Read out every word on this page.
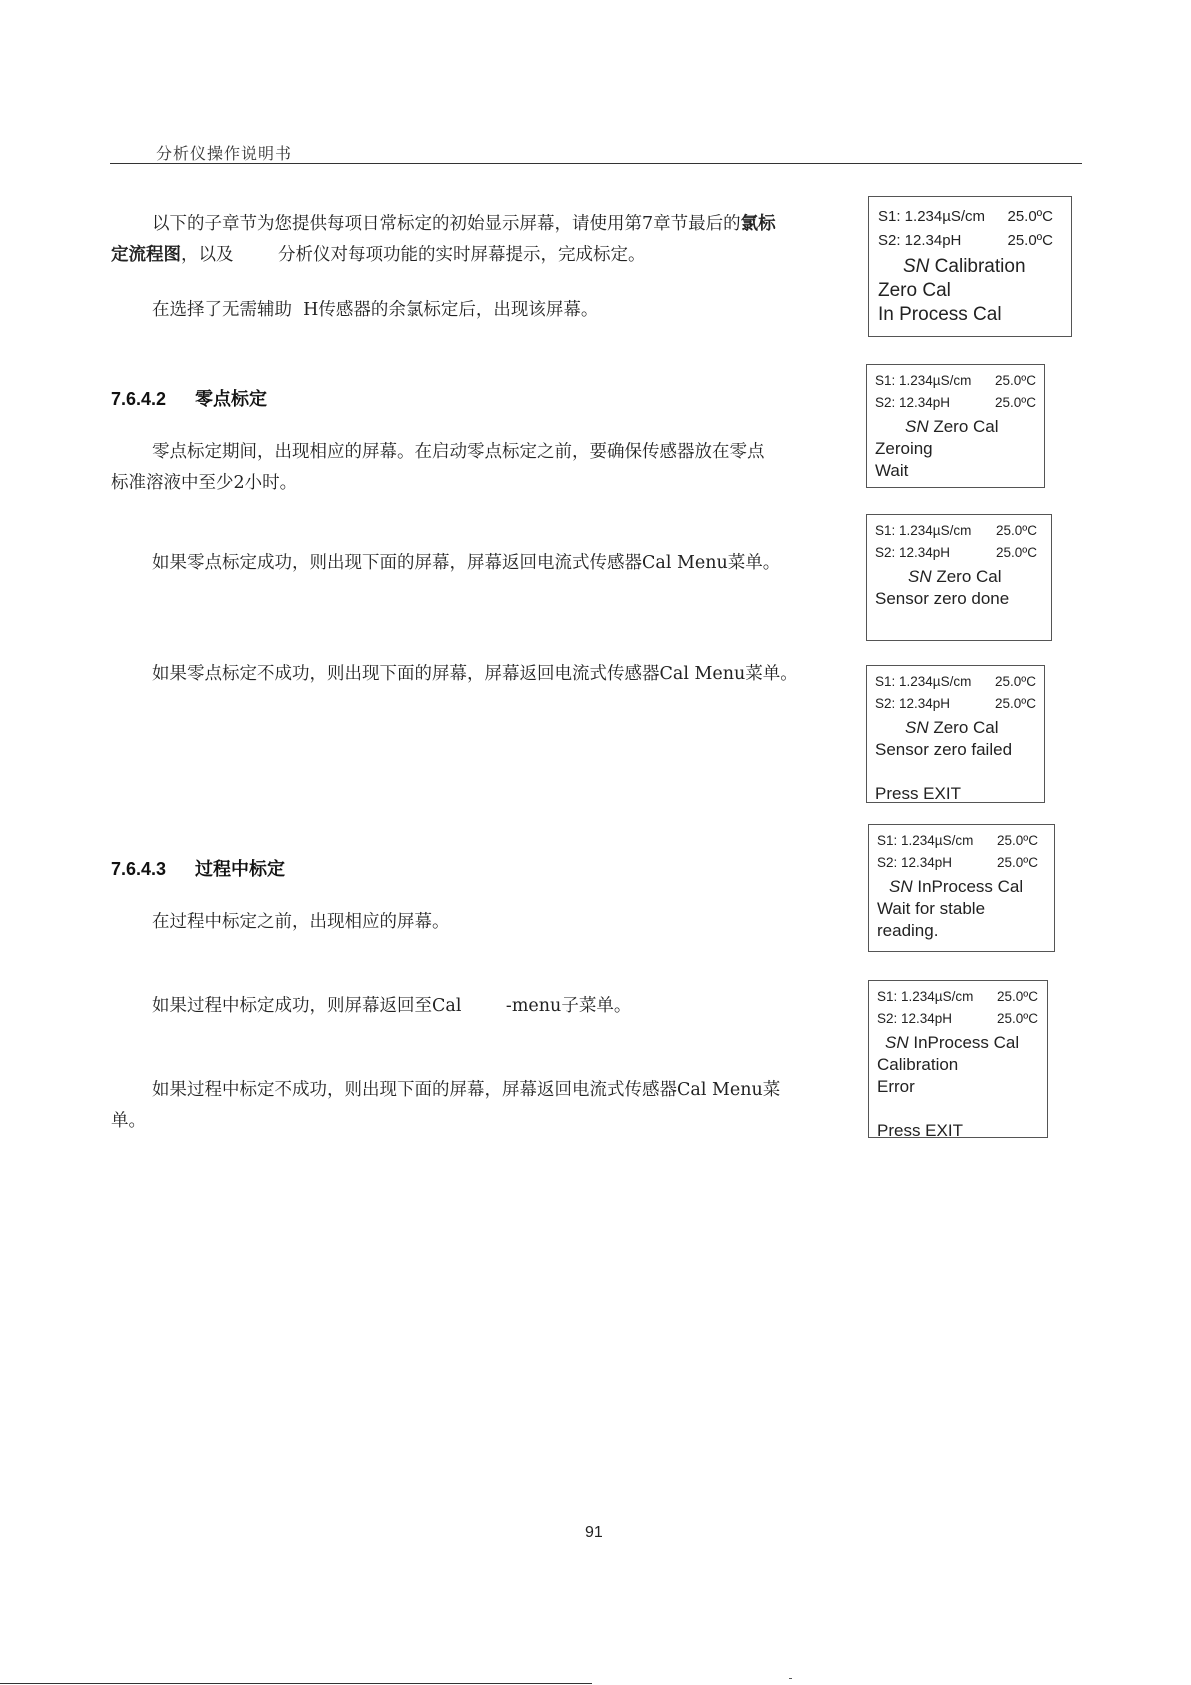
分析仪操作说明书
以下的子章节为您提供每项日常标定的初始显示屏幕，请使用第7章节最后的氯标
定流程图，以及        分析仪对每项功能的实时屏幕提示，完成标定。
在选择了无需辅助  H传感器的余氯标定后，出现该屏幕。
7.6.4.2 零点标定
零点标定期间，出现相应的屏幕。在启动零点标定之前，要确保传感器放在零点
标准溶液中至少2小时。
如果零点标定成功，则出现下面的屏幕，屏幕返回电流式传感器Cal Menu菜单。
如果零点标定不成功，则出现下面的屏幕，屏幕返回电流式传感器Cal Menu菜单。
7.6.4.3 过程中标定
在过程中标定之前，出现相应的屏幕。
如果过程中标定成功，则屏幕返回至Cal        -menu子菜单。
如果过程中标定不成功，则出现下面的屏幕，屏幕返回电流式传感器Cal Menu菜
单。
S1: 1.234µS/cm 25.0ºC
S2: 12.34pH	25.0ºC
SN Calibration
Zero Cal
In Process Cal
S1: 1.234µS/cm 25.0ºC
S2: 12.34pH	25.0ºC
SN Zero Cal
Zeroing
Wait
S1: 1.234µS/cm 25.0ºC
S2: 12.34pH	25.0ºC
SN Zero Cal
Sensor zero done
S1: 1.234µS/cm 25.0ºC
S2: 12.34pH	25.0ºC
SN Zero Cal
Sensor zero failed
Press EXIT
S1: 1.234µS/cm 25.0ºC
S2: 12.34pH	25.0ºC
SN InProcess Cal
Wait for stable
reading.
S1: 1.234µS/cm 25.0ºC
S2: 12.34pH	25.0ºC
SN InProcess Cal
Calibration
Error
Press EXIT
91
